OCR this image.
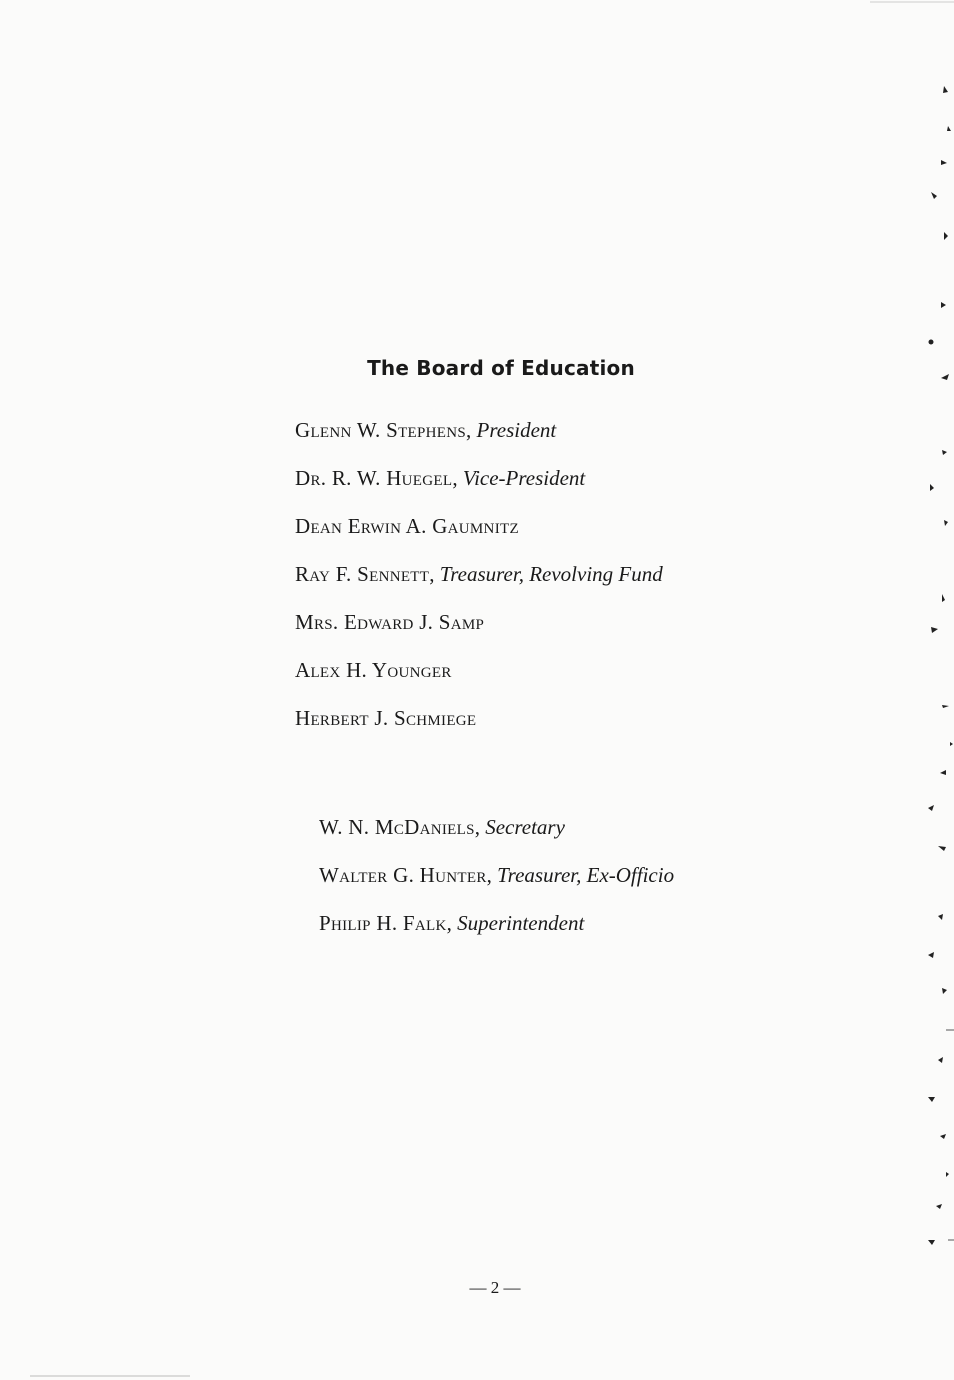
The Board of Education
Glenn W. Stephens, President
Dr. R. W. Huegel, Vice-President
Dean Erwin A. Gaumnitz
Ray F. Sennett, Treasurer, Revolving Fund
Mrs. Edward J. Samp
Alex H. Younger
Herbert J. Schmiege
W. N. McDaniels, Secretary
Walter G. Hunter, Treasurer, Ex-Officio
Philip H. Falk, Superintendent
— 2 —
